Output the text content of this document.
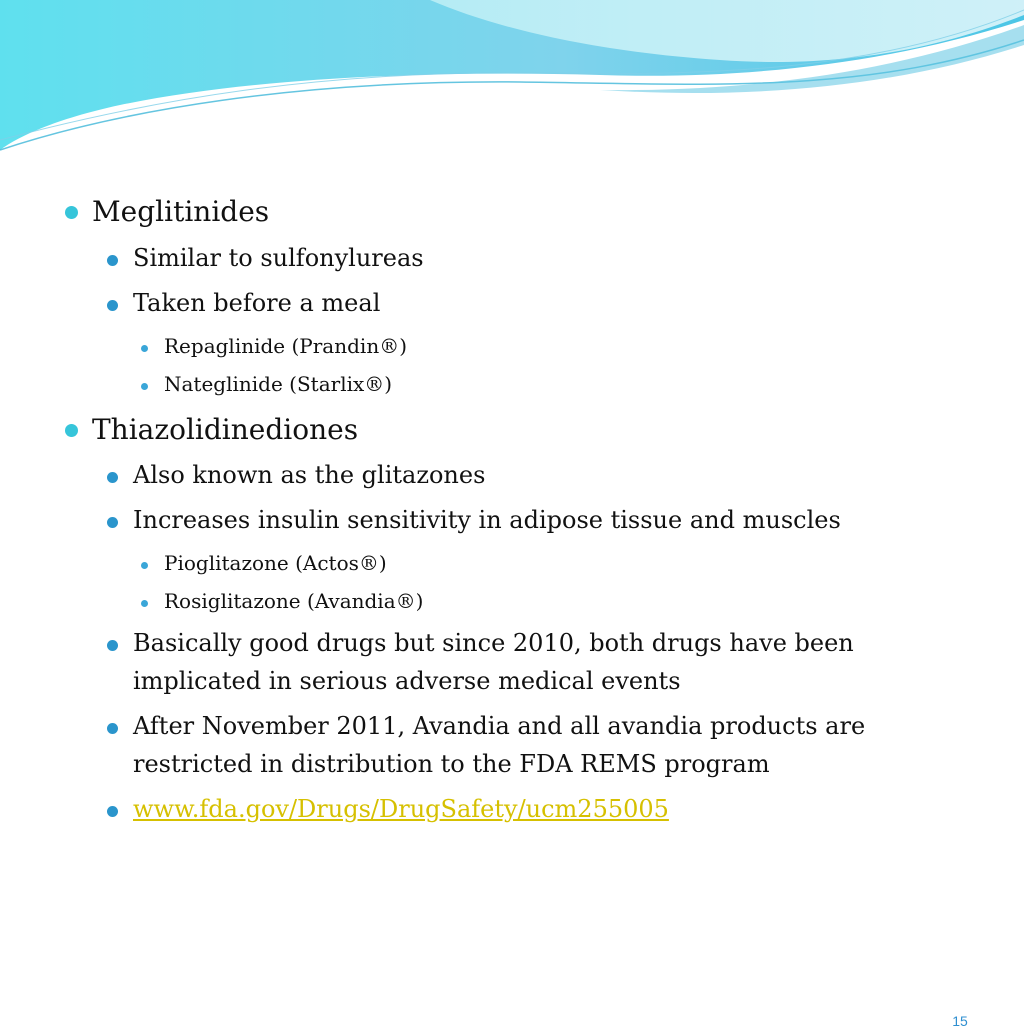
Meglitinides
Similar to sulfonylureas
Taken before a meal
Repaglinide (Prandin®)
Nateglinide (Starlix®)
Thiazolidinediones
Also known as the glitazones
Increases insulin sensitivity in adipose tissue and muscles
Pioglitazone (Actos®)
Rosiglitazone (Avandia®)
Basically good drugs but since 2010, both drugs have been
implicated in serious adverse medical events
After November 2011, Avandia and all avandia products are
restricted in distribution to the FDA REMS program
www.fda.gov/Drugs/DrugSafety/ucm255005
15
